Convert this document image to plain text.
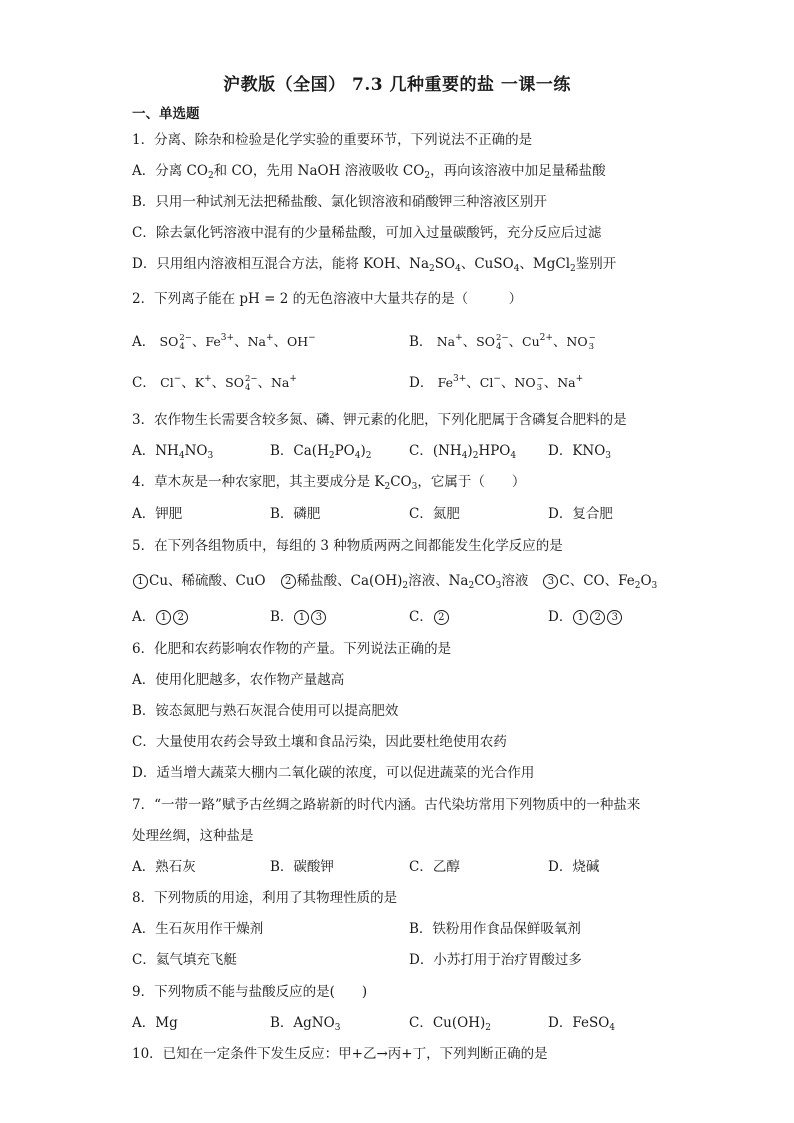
沪教版（全国） 7.3 几种重要的盐 一课一练
一、单选题
1．分离、除杂和检验是化学实验的重要环节，下列说法不正确的是
A．分离 $CO_2$和 CO，先用 NaOH 溶液吸收 $CO_2$，再向该溶液中加足量稀盐酸
B．只用一种试剂无法把稀盐酸、氯化钡溶液和硝酸钾三种溶液区别开
C．除去氯化钙溶液中混有的少量稀盐酸，可加入过量碳酸钙，充分反应后过滤
D．只用组内溶液相互混合方法，能将 KOH、$Na_2SO_4$、CuSO$_4$、MgCl$_2$鉴别开
2．下列离子能在 pH = 2 的无色溶液中大量共存的是（　　　）
A． SO 2−
4 、$Fe^{3+}$、Na+、OH−	B． Na+、SO 2−
4 、$Cu^{2+}$、NO −
3
C． Cl−、K+、SO 2−
4 、Na+	D． $Fe^{3+}$、Cl−、NO −
3 、Na+
3．农作物生长需要含较多氮、磷、钾元素的化肥，下列化肥属于含磷复合肥料的是
A．$NH_4NO_3$	B．$Ca(H_2PO_4)_2$	C．$(NH_4)_2HPO_4$ D．$KNO_3$
4．草木灰是一种农家肥，其主要成分是 $K_2CO_3$，它属于（　　）
A．钾肥	B．磷肥	C．氮肥	D．复合肥
5．在下列各组物质中，每组的 3 种物质两两之间都能发生化学反应的是
1 Cu、稀硫酸、CuO 2 稀盐酸、$Ca(OH)_2$溶液、$Na_2CO_3$溶液 3 C、CO、$Fe_2O_3$
A． 1 2	B． 1 3	C． 2	D． 1 2 3
6．化肥和农药影响农作物的产量。下列说法正确的是
A．使用化肥越多，农作物产量越高
B．铵态氮肥与熟石灰混合使用可以提高肥效
C．大量使用农药会导致土壤和食品污染，因此要杜绝使用农药
D．适当增大蔬菜大棚内二氧化碳的浓度，可以促进蔬菜的光合作用
7．“一带一路”赋予古丝绸之路崭新的时代内涵。古代染坊常用下列物质中的一种盐来
处理丝绸，这种盐是
A．熟石灰	B．碳酸钾	C．乙醇	D．烧碱
8．下列物质的用途，利用了其物理性质的是
A．生石灰用作干燥剂	B．铁粉用作食品保鲜吸氧剂
C．氦气填充飞艇	D．小苏打用于治疗胃酸过多
9．下列物质不能与盐酸反应的是(　　)
A．Mg	B．AgNO$_3$	C．$Cu(OH)_2$	D．FeSO$_4$
10．已知在一定条件下发生反应：甲+乙→丙+丁，下列判断正确的是
